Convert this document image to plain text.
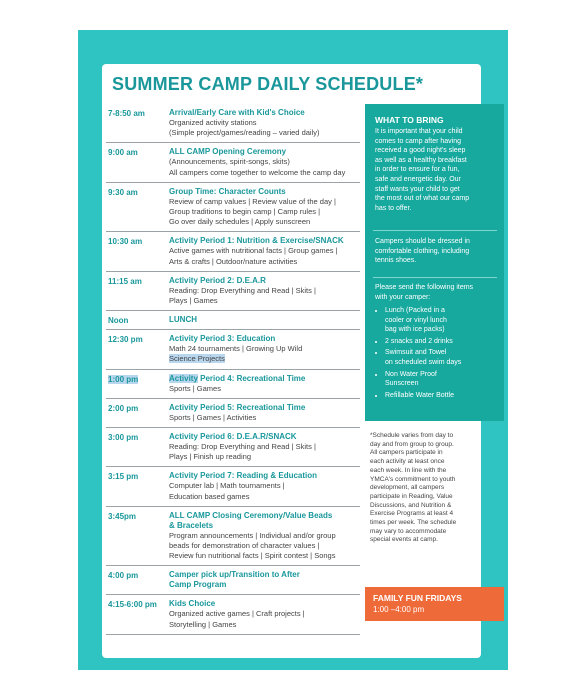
SUMMER CAMP DAILY SCHEDULE*
7-8:50 am	Arrival/Early Care with Kid's Choice
Organized activity stations
(Simple project/games/reading – varied daily)
9:00 am	ALL CAMP Opening Ceremony
(Announcements, spirit-songs, skits)
All campers come together to welcome the camp day
9:30 am	Group Time: Character Counts
Review of camp values | Review value of the day |
Group traditions to begin camp | Camp rules |
Go over daily schedules | Apply sunscreen
10:30 am	Activity Period 1: Nutrition & Exercise/SNACK
Active games with nutritional facts | Group games |
Arts & crafts | Outdoor/nature activities
11:15 am	Activity Period 2: D.E.A.R
Reading: Drop Everything and Read | Skits |
Plays | Games
Noon	LUNCH
12:30 pm	Activity Period 3: Education
Math 24 tournaments | Growing Up Wild
Science Projects
1:00 pm	Activity Period 4: Recreational Time
Sports | Games
2:00 pm	Activity Period 5: Recreational Time
Sports | Games | Activities
3:00 pm	Activity Period 6: D.E.A.R/SNACK
Reading: Drop Everything and Read | Skits |
Plays | Finish up reading
3:15 pm	Activity Period 7: Reading & Education
Computer lab | Math tournaments |
Education based games
3:45pm	ALL CAMP Closing Ceremony/Value Beads
& Bracelets
Program announcements | Individual and/or group
beads for demonstration of character values |
Review fun nutritional facts | Spirit contest | Songs
4:00 pm	Camper pick up/Transition to After
Camp Program
4:15-6:00 pm	Kids Choice
Organized active games | Craft projects |
Storytelling | Games
WHAT TO BRING
It is important that your child
comes to camp after having
received a good night's sleep
as well as a healthy breakfast
in order to ensure for a fun,
safe and energetic day. Our
staff wants your child to get
the most out of what our camp
has to offer.
Campers should be dressed in
comfortable clothing, including
tennis shoes.
Please send the following items
with your camper:
• Lunch (Packed in a
cooler or vinyl lunch
bag with ice packs)
• 2 snacks and 2 drinks
• Swimsuit and Towel
on scheduled swim days
• Non Water Proof
Sunscreen
• Refillable Water Bottle
*Schedule varies from day to
day and from group to group.
All campers participate in
each activity at least once
each week. In line with the
YMCA's commitment to youth
development, all campers
participate in Reading, Value
Discussions, and Nutrition &
Exercise Programs at least 4
times per week. The schedule
may vary to accommodate
special events at camp.
FAMILY FUN FRIDAYS
1:00 –4:00 pm
